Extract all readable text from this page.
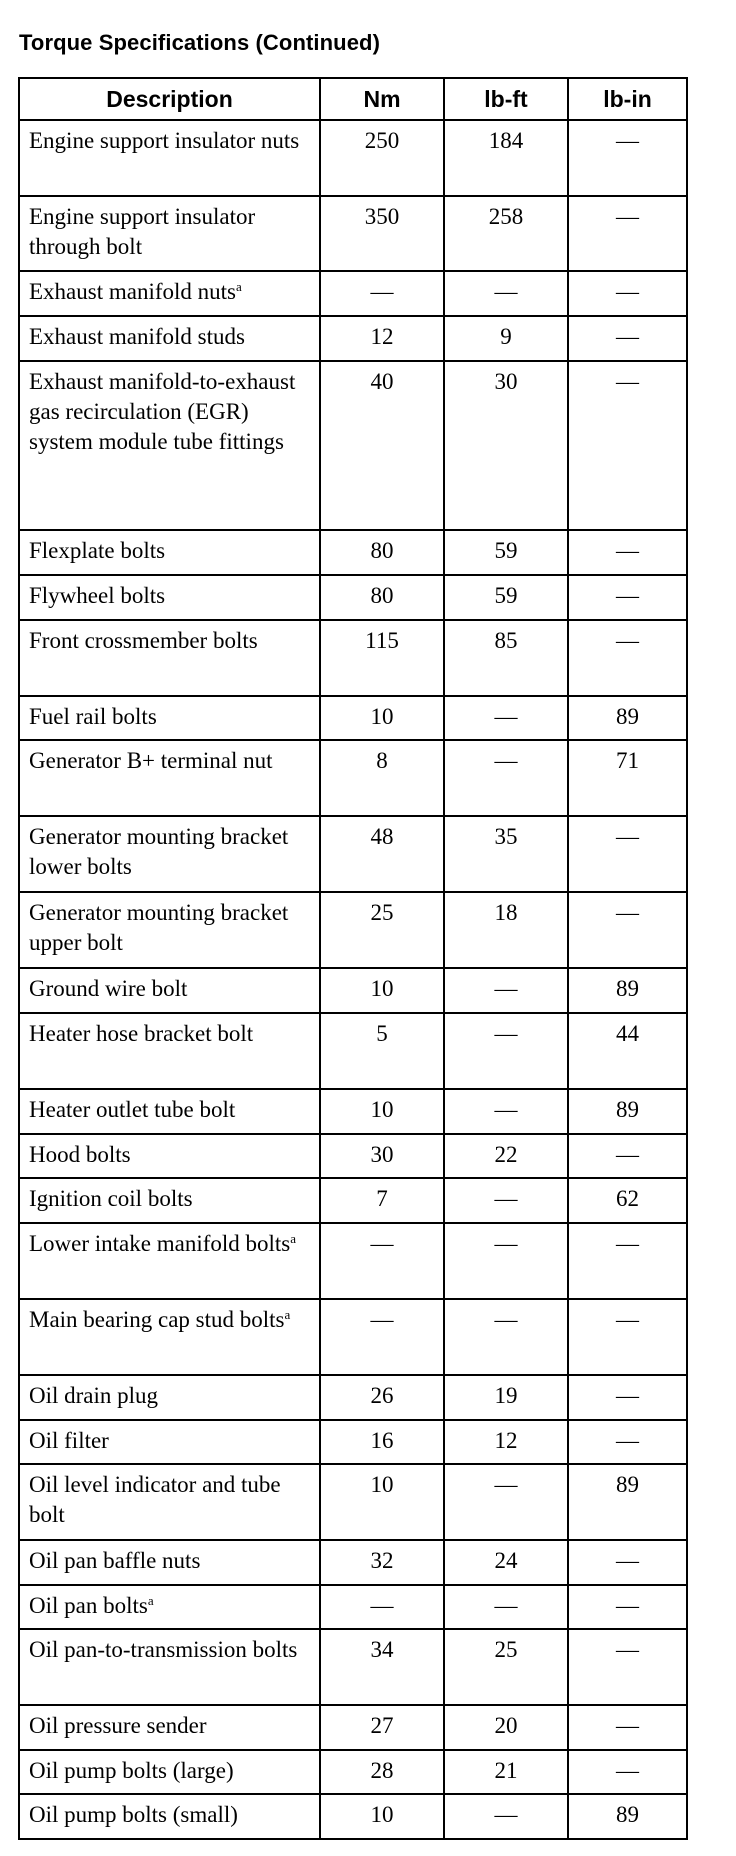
Torque Specifications (Continued)
Description	Nm	lb-ft	lb-in
Engine support insulator nuts	250	184	—
Engine support insulator through bolt	350	258	—
Exhaust manifold nuts$^a$	—	—	—
Exhaust manifold studs	12	9	—
Exhaust manifold-to-exhaust gas recirculation (EGR) system module tube fittings	40	30	—
Flexplate bolts	80	59	—
Flywheel bolts	80	59	—
Front crossmember bolts	115	85	—
Fuel rail bolts	10	—	89
Generator B+ terminal nut	8	—	71
Generator mounting bracket lower bolts	48	35	—
Generator mounting bracket upper bolt	25	18	—
Ground wire bolt	10	—	89
Heater hose bracket bolt	5	—	44
Heater outlet tube bolt	10	—	89
Hood bolts	30	22	—
Ignition coil bolts	7	—	62
Lower intake manifold bolts$^a$	—	—	—
Main bearing cap stud bolts$^a$	—	—	—
Oil drain plug	26	19	—
Oil filter	16	12	—
Oil level indicator and tube bolt	10	—	89
Oil pan baffle nuts	32	24	—
Oil pan bolts$^a$	—	—	—
Oil pan-to-transmission bolts	34	25	—
Oil pressure sender	27	20	—
Oil pump bolts (large)	28	21	—
Oil pump bolts (small)	10	—	89
